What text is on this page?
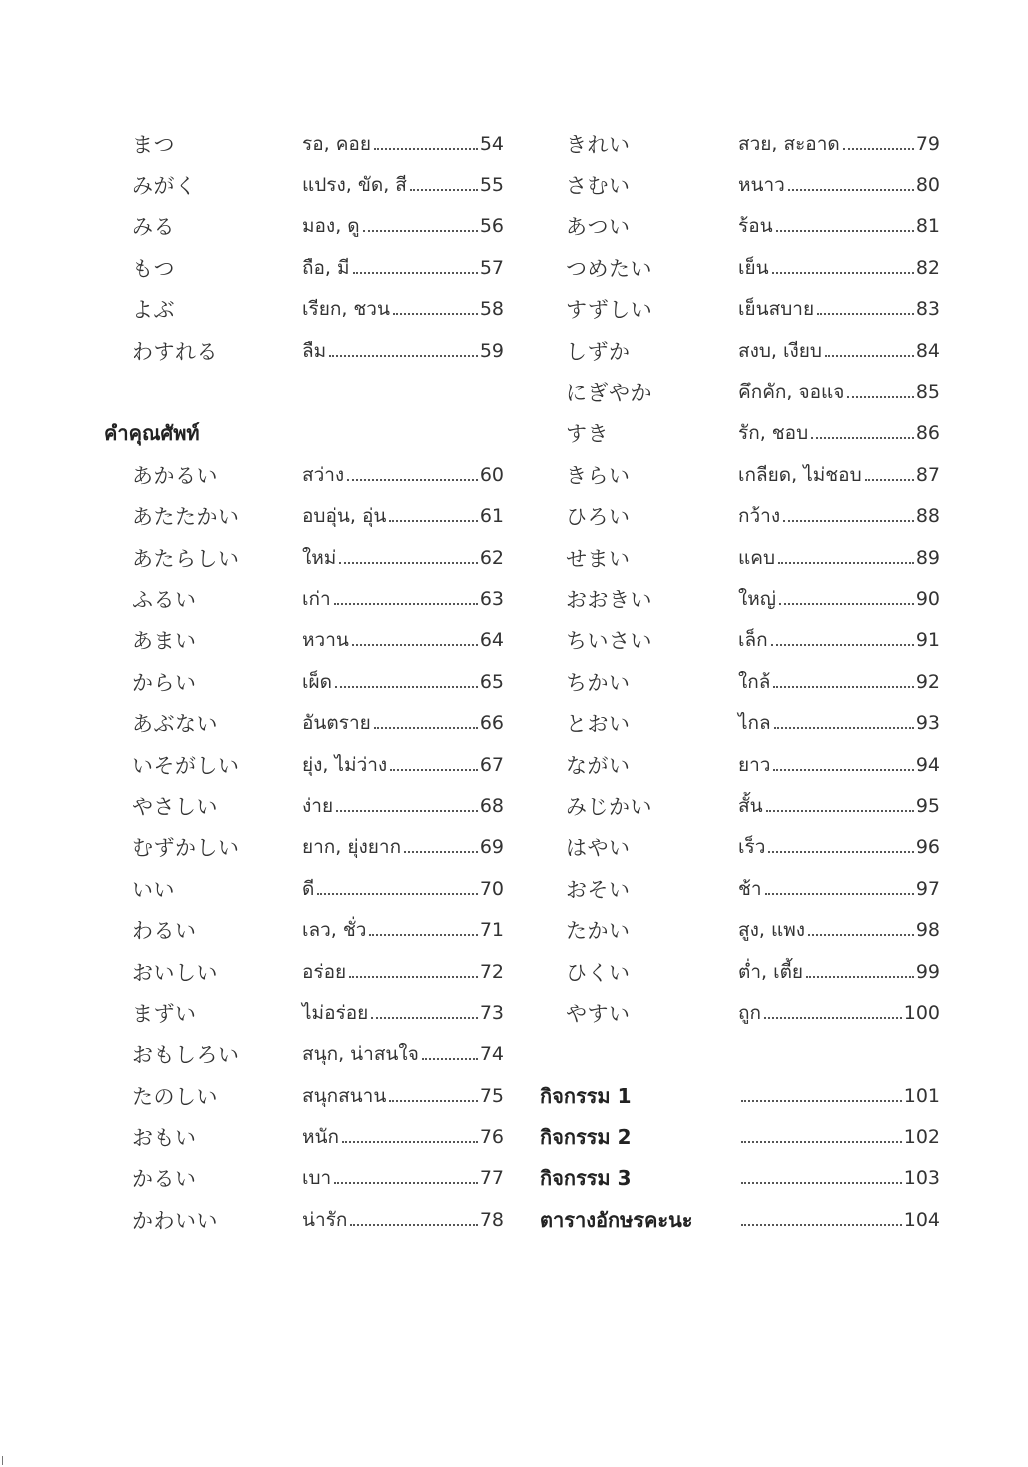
まつ	รอ, คอย	54
みがく	แปรง, ขัด, สี	55
みる	มอง, ดู	56
もつ	ถือ, มี	57
よぶ	เรียก, ชวน	58
わすれる	ลืม	59
คำคุณศัพท์
あかるい	สว่าง	60
あたたかい	อบอุ่น, อุ่น	61
あたらしい	ใหม่	62
ふるい	เก่า	63
あまい	หวาน	64
からい	เผ็ด	65
あぶない	อันตราย	66
いそがしい	ยุ่ง, ไม่ว่าง	67
やさしい	ง่าย	68
むずかしい	ยาก, ยุ่งยาก	69
いい	ดี	70
わるい	เลว, ชั่ว	71
おいしい	อร่อย	72
まずい	ไม่อร่อย	73
おもしろい	สนุก, น่าสนใจ	74
たのしい	สนุกสนาน	75
おもい	หนัก	76
かるい	เบา	77
かわいい	น่ารัก	78
きれい	สวย, สะอาด	79
さむい	หนาว	80
あつい	ร้อน	81
つめたい	เย็น	82
すずしい	เย็นสบาย	83
しずか	สงบ, เงียบ	84
にぎやか	คึกคัก, จอแจ	85
すき	รัก, ชอบ	86
きらい	เกลียด, ไม่ชอบ	87
ひろい	กว้าง	88
せまい	แคบ	89
おおきい	ใหญ่	90
ちいさい	เล็ก	91
ちかい	ใกล้	92
とおい	ไกล	93
ながい	ยาว	94
みじかい	สั้น	95
はやい	เร็ว	96
おそい	ช้า	97
たかい	สูง, แพง	98
ひくい	ต่ำ, เตี้ย	99
やすい	ถูก	100
กิจกรรม 1	101
กิจกรรม 2	102
กิจกรรม 3	103
ตารางอักษรคะนะ	104
